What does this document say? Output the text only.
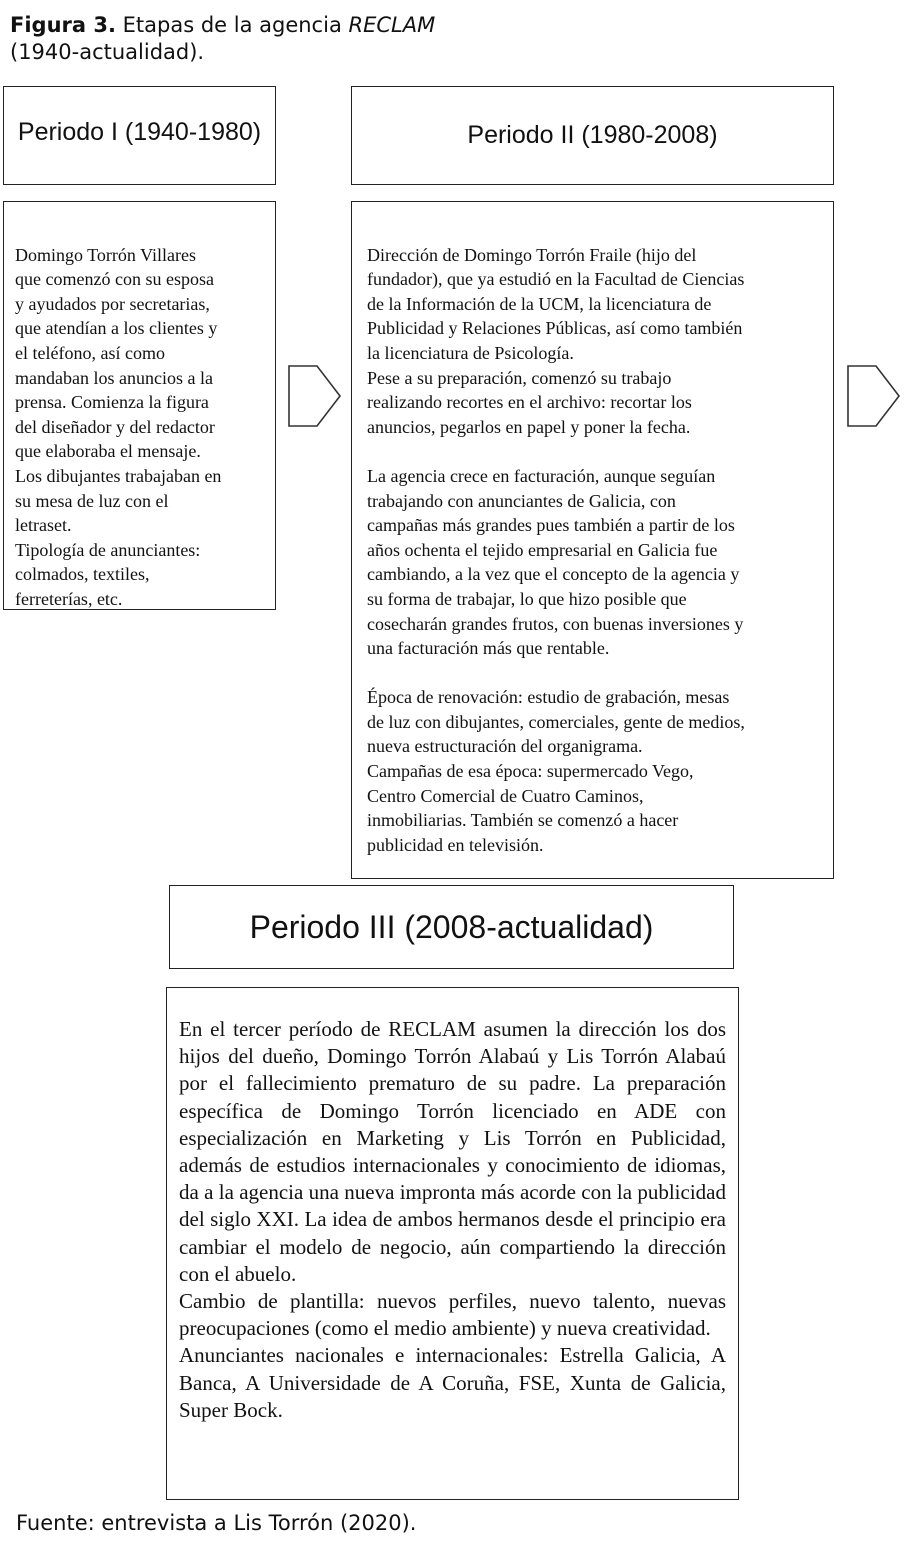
Figura 3. Etapas de la agencia RECLAM
(1940-actualidad).
Periodo I (1940-1980)

Domingo Torrón Villares
que comenzó con su esposa
y ayudados por secretarias,
que atendían a los clientes y
el teléfono, así como
mandaban los anuncios a la
prensa. Comienza la figura
del diseñador y del redactor
que elaboraba el mensaje.
Los dibujantes trabajaban en
su mesa de luz con el
letraset.
Tipología de anunciantes:
colmados, textiles,
ferreterías, etc.

Periodo II (1980-2008)

Dirección de Domingo Torrón Fraile (hijo del
fundador), que ya estudió en la Facultad de Ciencias
de la Información de la UCM, la licenciatura de
Publicidad y Relaciones Públicas, así como también
la licenciatura de Psicología.
Pese a su preparación, comenzó su trabajo
realizando recortes en el archivo: recortar los
anuncios, pegarlos en papel y poner la fecha.

La agencia crece en facturación, aunque seguían
trabajando con anunciantes de Galicia, con
campañas más grandes pues también a partir de los
años ochenta el tejido empresarial en Galicia fue
cambiando, a la vez que el concepto de la agencia y
su forma de trabajar, lo que hizo posible que
cosecharán grandes frutos, con buenas inversiones y
una facturación más que rentable.

Época de renovación: estudio de grabación, mesas
de luz con dibujantes, comerciales, gente de medios,
nueva estructuración del organigrama.
Campañas de esa época: supermercado Vego,
Centro Comercial de Cuatro Caminos,
inmobiliarias. También se comenzó a hacer
publicidad en televisión.

Periodo III (2008-actualidad)

En el tercer período de RECLAM asumen la dirección los dos hijos del dueño, Domingo Torrón Alabaú y Lis Torrón Alabaú por el fallecimiento prematuro de su padre. La preparación específica de Domingo Torrón licenciado en ADE con especialización en Marketing y Lis Torrón en Publicidad, además de estudios internacionales y conocimiento de idiomas, da a la agencia una nueva impronta más acorde con la publicidad del siglo XXI. La idea de ambos hermanos desde el principio era cambiar el modelo de negocio, aún compartiendo la dirección con el abuelo.

Cambio de plantilla: nuevos perfiles, nuevo talento, nuevas preocupaciones (como el medio ambiente) y nueva creatividad.

Anunciantes nacionales e internacionales: Estrella Galicia, A Banca, A Universidade de A Coruña, FSE, Xunta de Galicia, Super Bock.

Fuente: entrevista a Lis Torrón (2020).
